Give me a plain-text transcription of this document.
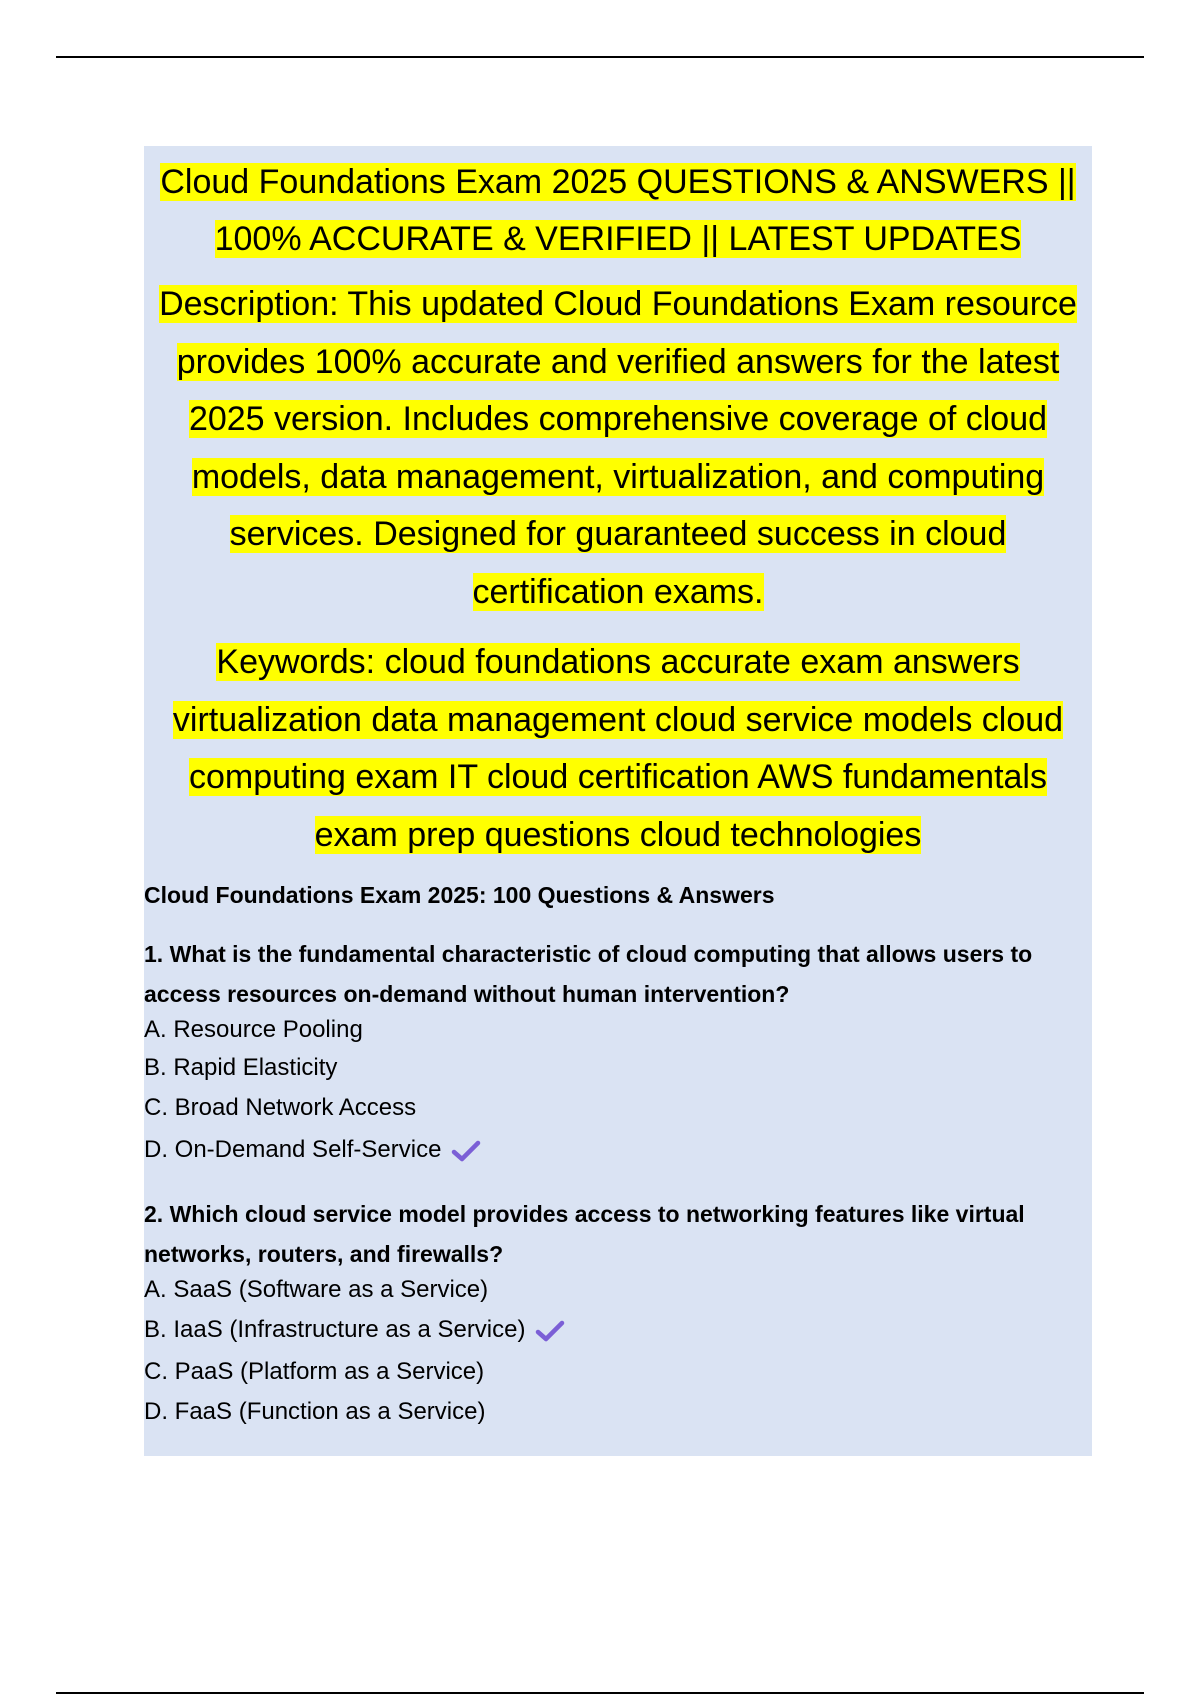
Cloud Foundations Exam 2025 QUESTIONS & ANSWERS || 100% ACCURATE & VERIFIED || LATEST UPDATES

Description: This updated Cloud Foundations Exam resource provides 100% accurate and verified answers for the latest 2025 version. Includes comprehensive coverage of cloud models, data management, virtualization, and computing services. Designed for guaranteed success in cloud certification exams.

Keywords: cloud foundations accurate exam answers virtualization data management cloud service models cloud computing exam IT cloud certification AWS fundamentals exam prep questions cloud technologies

Cloud Foundations Exam 2025: 100 Questions & Answers

1. What is the fundamental characteristic of cloud computing that allows users to access resources on-demand without human intervention?

A. Resource Pooling

B. Rapid Elasticity

C. Broad Network Access

D. On-Demand Self-Service

2. Which cloud service model provides access to networking features like virtual networks, routers, and firewalls?

A. SaaS (Software as a Service)

B. IaaS (Infrastructure as a Service)

C. PaaS (Platform as a Service)

D. FaaS (Function as a Service)
